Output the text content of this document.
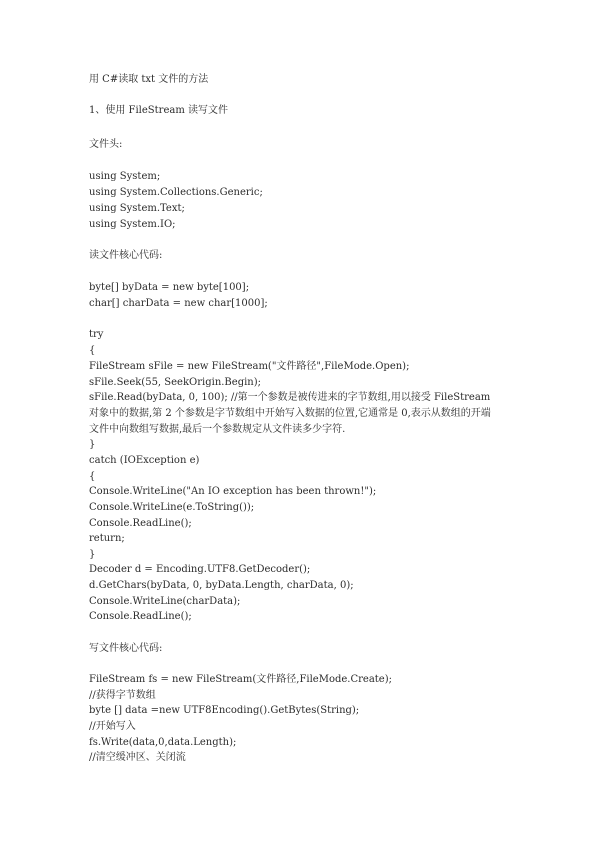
用 C#读取 txt 文件的方法

1、使用 FileStream 读写文件

文件头:

using System;

using System.Collections.Generic;

using System.Text;

using System.IO;

读文件核心代码:

byte[] byData = new byte[100];

char[] charData = new char[1000];

try

{

FileStream sFile = new FileStream("文件路径",FileMode.Open);

sFile.Seek(55, SeekOrigin.Begin);

sFile.Read(byData, 0, 100); //第一个参数是被传进来的字节数组,用以接受 FileStream

对象中的数据,第 2 个参数是字节数组中开始写入数据的位置,它通常是 0,表示从数组的开端

文件中向数组写数据,最后一个参数规定从文件读多少字符.

}

catch (IOException e)

{

Console.WriteLine("An IO exception has been thrown!");

Console.WriteLine(e.ToString());

Console.ReadLine();

return;

}

Decoder d = Encoding.UTF8.GetDecoder();

d.GetChars(byData, 0, byData.Length, charData, 0);

Console.WriteLine(charData);

Console.ReadLine();

写文件核心代码:

FileStream fs = new FileStream(文件路径,FileMode.Create);

//获得字节数组

byte [] data =new UTF8Encoding().GetBytes(String);

//开始写入

fs.Write(data,0,data.Length);

//清空缓冲区、关闭流
